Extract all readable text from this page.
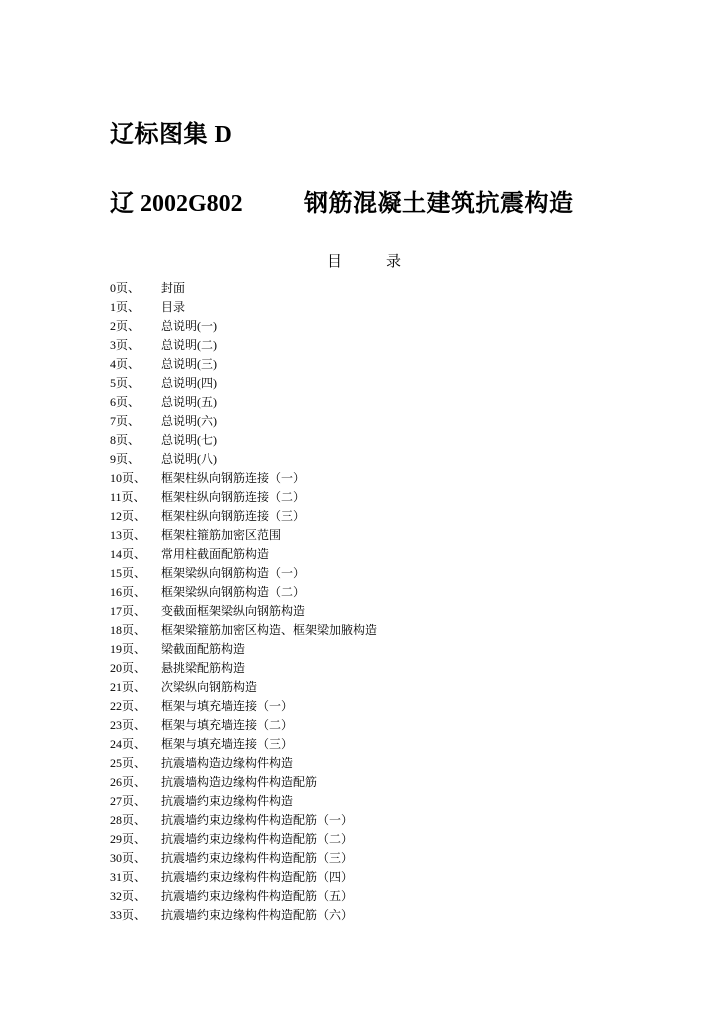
辽标图集 D
辽 2002G802	钢筋混凝土建筑抗震构造
目	录
0页、 封面
1页、 目录
2页、 总说明(一)
3页、 总说明(二)
4页、 总说明(三)
5页、 总说明(四)
6页、 总说明(五)
7页、 总说明(六)
8页、 总说明(七)
9页、 总说明(八)
10页、 框架柱纵向钢筋连接（一）
11页、 框架柱纵向钢筋连接（二）
12页、 框架柱纵向钢筋连接（三）
13页、 框架柱箍筋加密区范围
14页、 常用柱截面配筋构造
15页、 框架梁纵向钢筋构造（一）
16页、 框架梁纵向钢筋构造（二）
17页、 变截面框架梁纵向钢筋构造
18页、 框架梁箍筋加密区构造、框架梁加腋构造
19页、 梁截面配筋构造
20页、 悬挑梁配筋构造
21页、 次梁纵向钢筋构造
22页、 框架与填充墙连接（一）
23页、 框架与填充墙连接（二）
24页、 框架与填充墙连接（三）
25页、 抗震墙构造边缘构件构造
26页、 抗震墙构造边缘构件构造配筋
27页、 抗震墙约束边缘构件构造
28页、 抗震墙约束边缘构件构造配筋（一）
29页、 抗震墙约束边缘构件构造配筋（二）
30页、 抗震墙约束边缘构件构造配筋（三）
31页、 抗震墙约束边缘构件构造配筋（四）
32页、 抗震墙约束边缘构件构造配筋（五）
33页、 抗震墙约束边缘构件构造配筋（六）
